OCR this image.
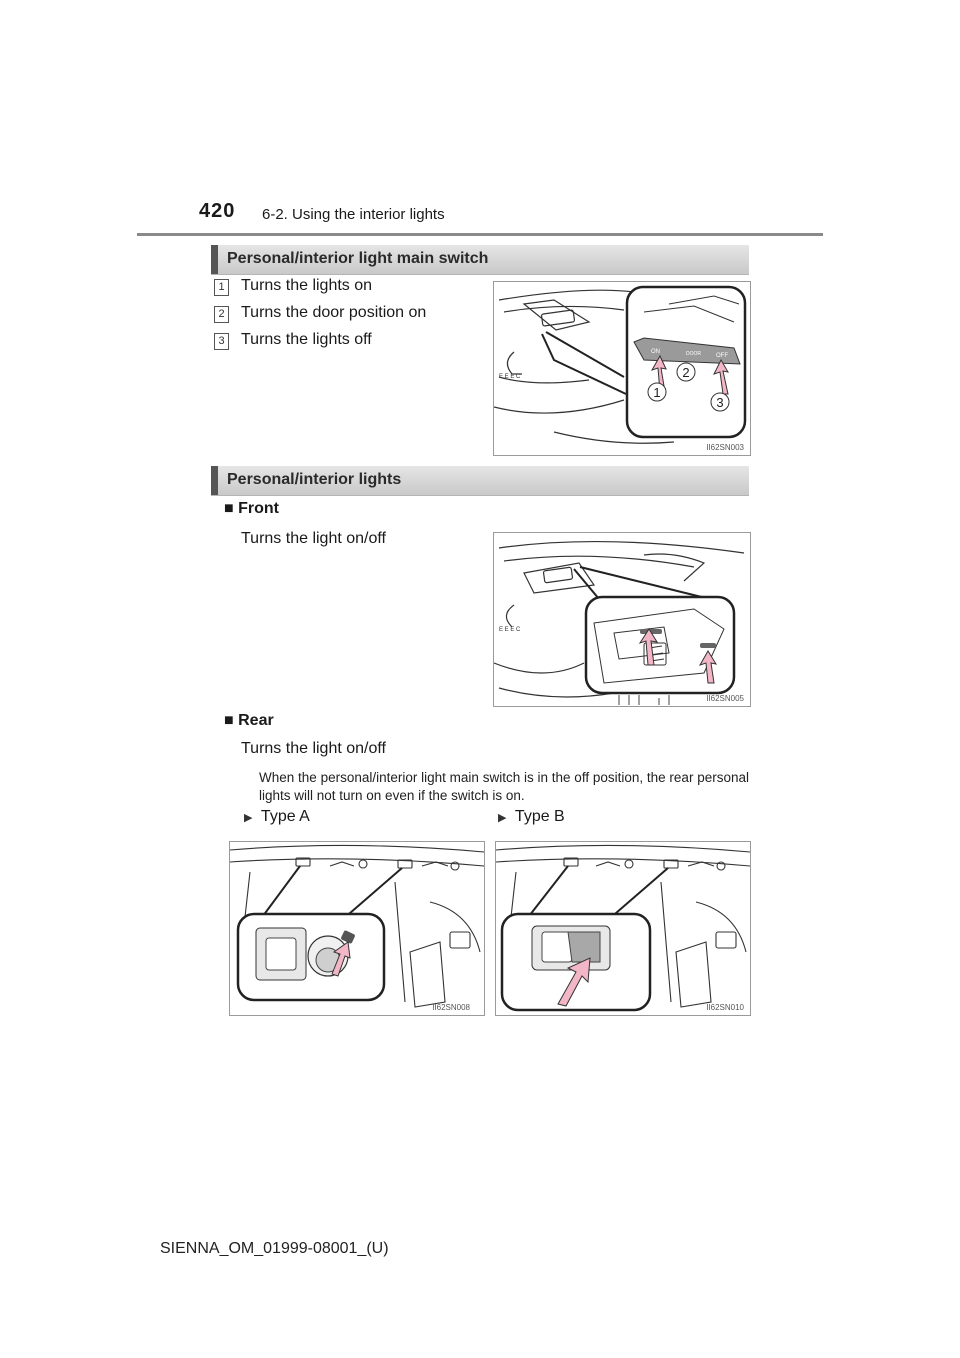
420 6-2. Using the interior lights
Personal/interior light main switch
1 Turns the lights on
2 Turns the door position on
3 Turns the lights off
E E E C
ON	DOOR	OFF
1
2
3
II62SN003
Personal/interior lights
■ Front
Turns the light on/off
E E E C
II62SN005
■ Rear
Turns the light on/off
When the personal/interior light main switch is in the off position, the rear personal lights will not turn on even if the switch is on.
▶ Type A	▶ Type B
II62SN008	II62SN010
SIENNA_OM_01999-08001_(U)
